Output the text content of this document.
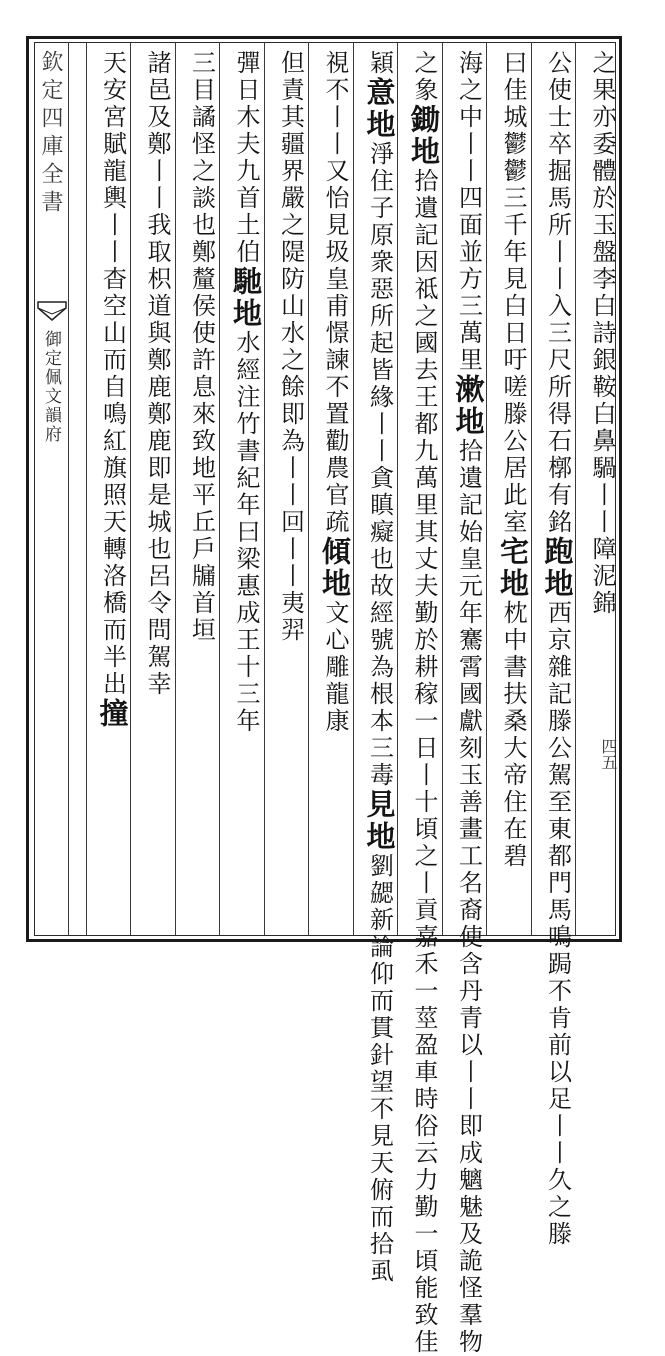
欽定四庫全書
御定佩文韻府
四五
之果亦委體於玉盤李白詩銀鞍白鼻騧丨丨障泥錦
公使士卒掘馬所丨丨入三尺所得石槨有銘跑地西京雜記滕公駕至東都門馬鳴跼不肯前以足丨丨久之滕
曰佳城鬱鬱三千年見白日吁嗟滕公居此室宅地枕中書扶桑大帝住在碧
海之中丨丨四面並方三萬里漱地拾遺記始皇元年騫霄國獻刻玉善畫工名裔使含丹青以丨丨即成魑魅及詭怪羣物
之象鋤地拾遺記因祗之國去王都九萬里其丈夫勤於耕稼一日丨十頃之丨貢嘉禾一莖盈車時俗云力勤一頃能致佳
穎意地淨住子原衆惡所起皆緣丨丨貪瞋癡也故經號為根本三毒見地劉勰新論仰而貫針望不見天俯而拾虱
視不丨丨又怡見圾皇甫憬諫不置勸農官疏傾地文心雕龍康
但責其疆界嚴之隄防山水之餘即為丨丨回丨丨夷羿
彈日木夫九首土伯馳地水經注竹書紀年曰梁惠成王十三年
三目譎怪之談也鄭釐侯使許息來致地平丘戶牖首垣
諸邑及鄭丨丨我取枳道與鄭鹿鄭鹿即是城也呂令問駕幸
天安宮賦龍輿丨丨杳空山而自鳴紅旗照天轉洛橋而半出撞
